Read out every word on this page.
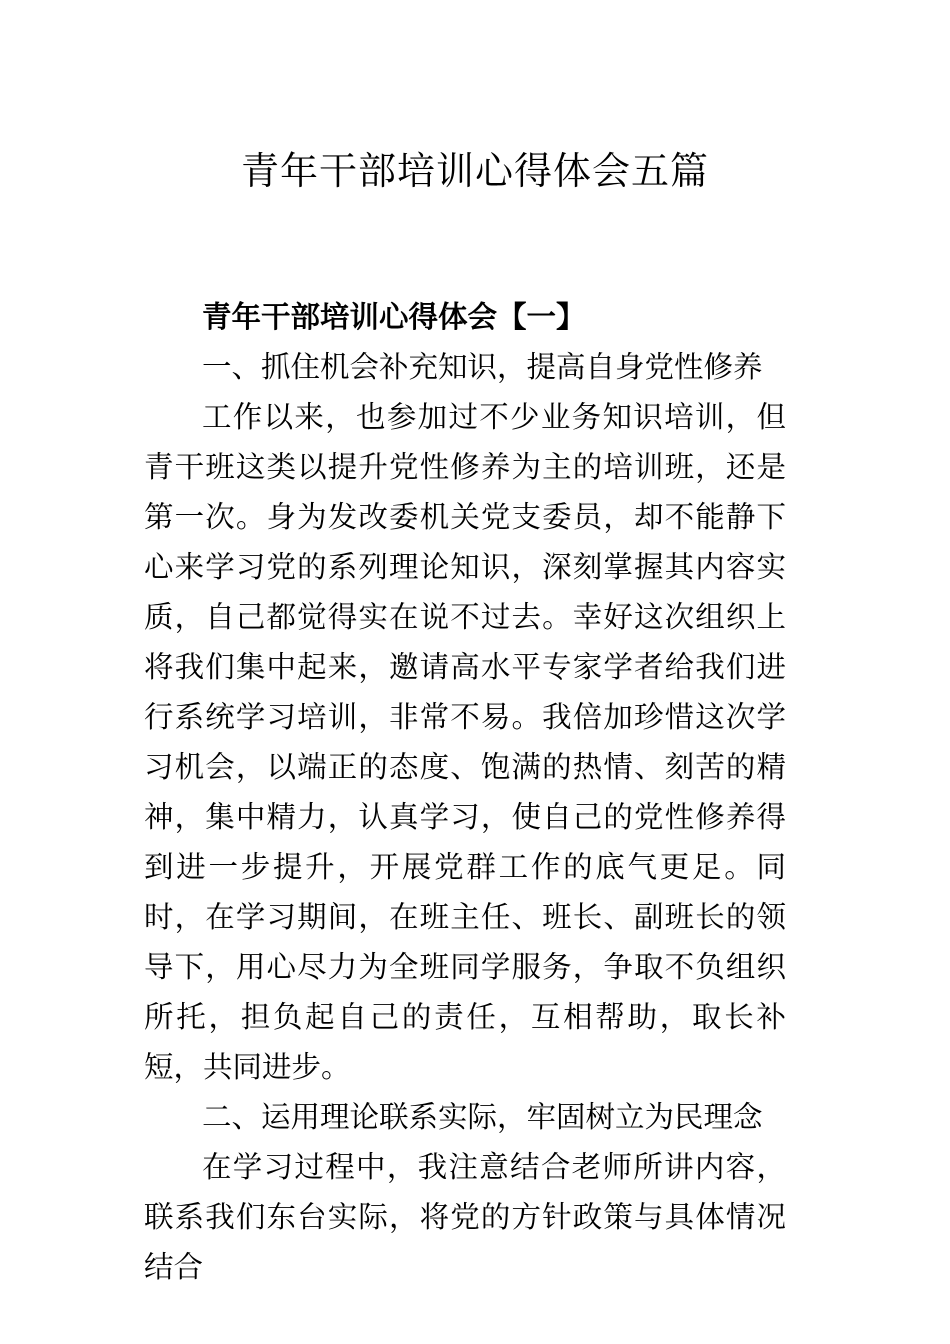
青年干部培训心得体会五篇

青年干部培训心得体会【一】

一、抓住机会补充知识，提高自身党性修养

工作以来，也参加过不少业务知识培训，但青干班这类以提升党性修养为主的培训班，还是第一次。身为发改委机关党支委员，却不能静下心来学习党的系列理论知识，深刻掌握其内容实质，自己都觉得实在说不过去。幸好这次组织上将我们集中起来，邀请高水平专家学者给我们进行系统学习培训，非常不易。我倍加珍惜这次学习机会，以端正的态度、饱满的热情、刻苦的精神，集中精力，认真学习，使自己的党性修养得到进一步提升，开展党群工作的底气更足。同时，在学习期间，在班主任、班长、副班长的领导下，用心尽力为全班同学服务，争取不负组织所托，担负起自己的责任，互相帮助，取长补短，共同进步。

二、运用理论联系实际，牢固树立为民理念

在学习过程中，我注意结合老师所讲内容，联系我们东台实际，将党的方针政策与具体情况结合
